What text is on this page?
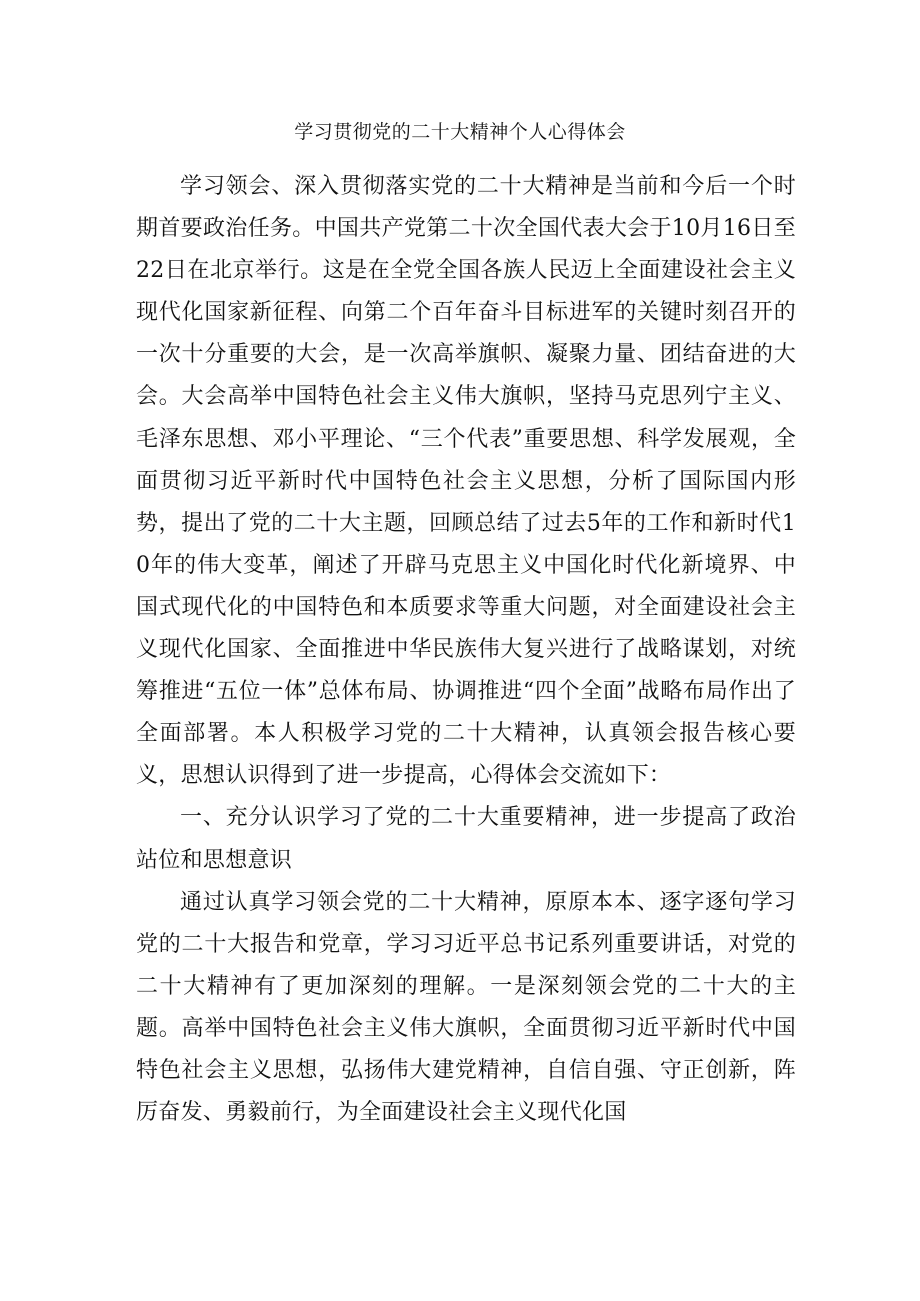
学习贯彻党的二十大精神个人心得体会

学习领会、深入贯彻落实党的二十大精神是当前和今后一个时期首要政治任务。中国共产党第二十次全国代表大会于10月16日至22日在北京举行。这是在全党全国各族人民迈上全面建设社会主义现代化国家新征程、向第二个百年奋斗目标进军的关键时刻召开的一次十分重要的大会，是一次高举旗帜、凝聚力量、团结奋进的大会。大会高举中国特色社会主义伟大旗帜，坚持马克思列宁主义、毛泽东思想、邓小平理论、“三个代表”重要思想、科学发展观，全面贯彻习近平新时代中国特色社会主义思想，分析了国际国内形势，提出了党的二十大主题，回顾总结了过去5年的工作和新时代10年的伟大变革，阐述了开辟马克思主义中国化时代化新境界、中国式现代化的中国特色和本质要求等重大问题，对全面建设社会主义现代化国家、全面推进中华民族伟大复兴进行了战略谋划，对统筹推进“五位一体”总体布局、协调推进“四个全面”战略布局作出了全面部署。本人积极学习党的二十大精神，认真领会报告核心要义，思想认识得到了进一步提高，心得体会交流如下：

一、充分认识学习了党的二十大重要精神，进一步提高了政治站位和思想意识

通过认真学习领会党的二十大精神，原原本本、逐字逐句学习党的二十大报告和党章，学习习近平总书记系列重要讲话，对党的二十大精神有了更加深刻的理解。一是深刻领会党的二十大的主题。高举中国特色社会主义伟大旗帜，全面贯彻习近平新时代中国特色社会主义思想，弘扬伟大建党精神，自信自强、守正创新，阵厉奋发、勇毅前行，为全面建设社会主义现代化国
